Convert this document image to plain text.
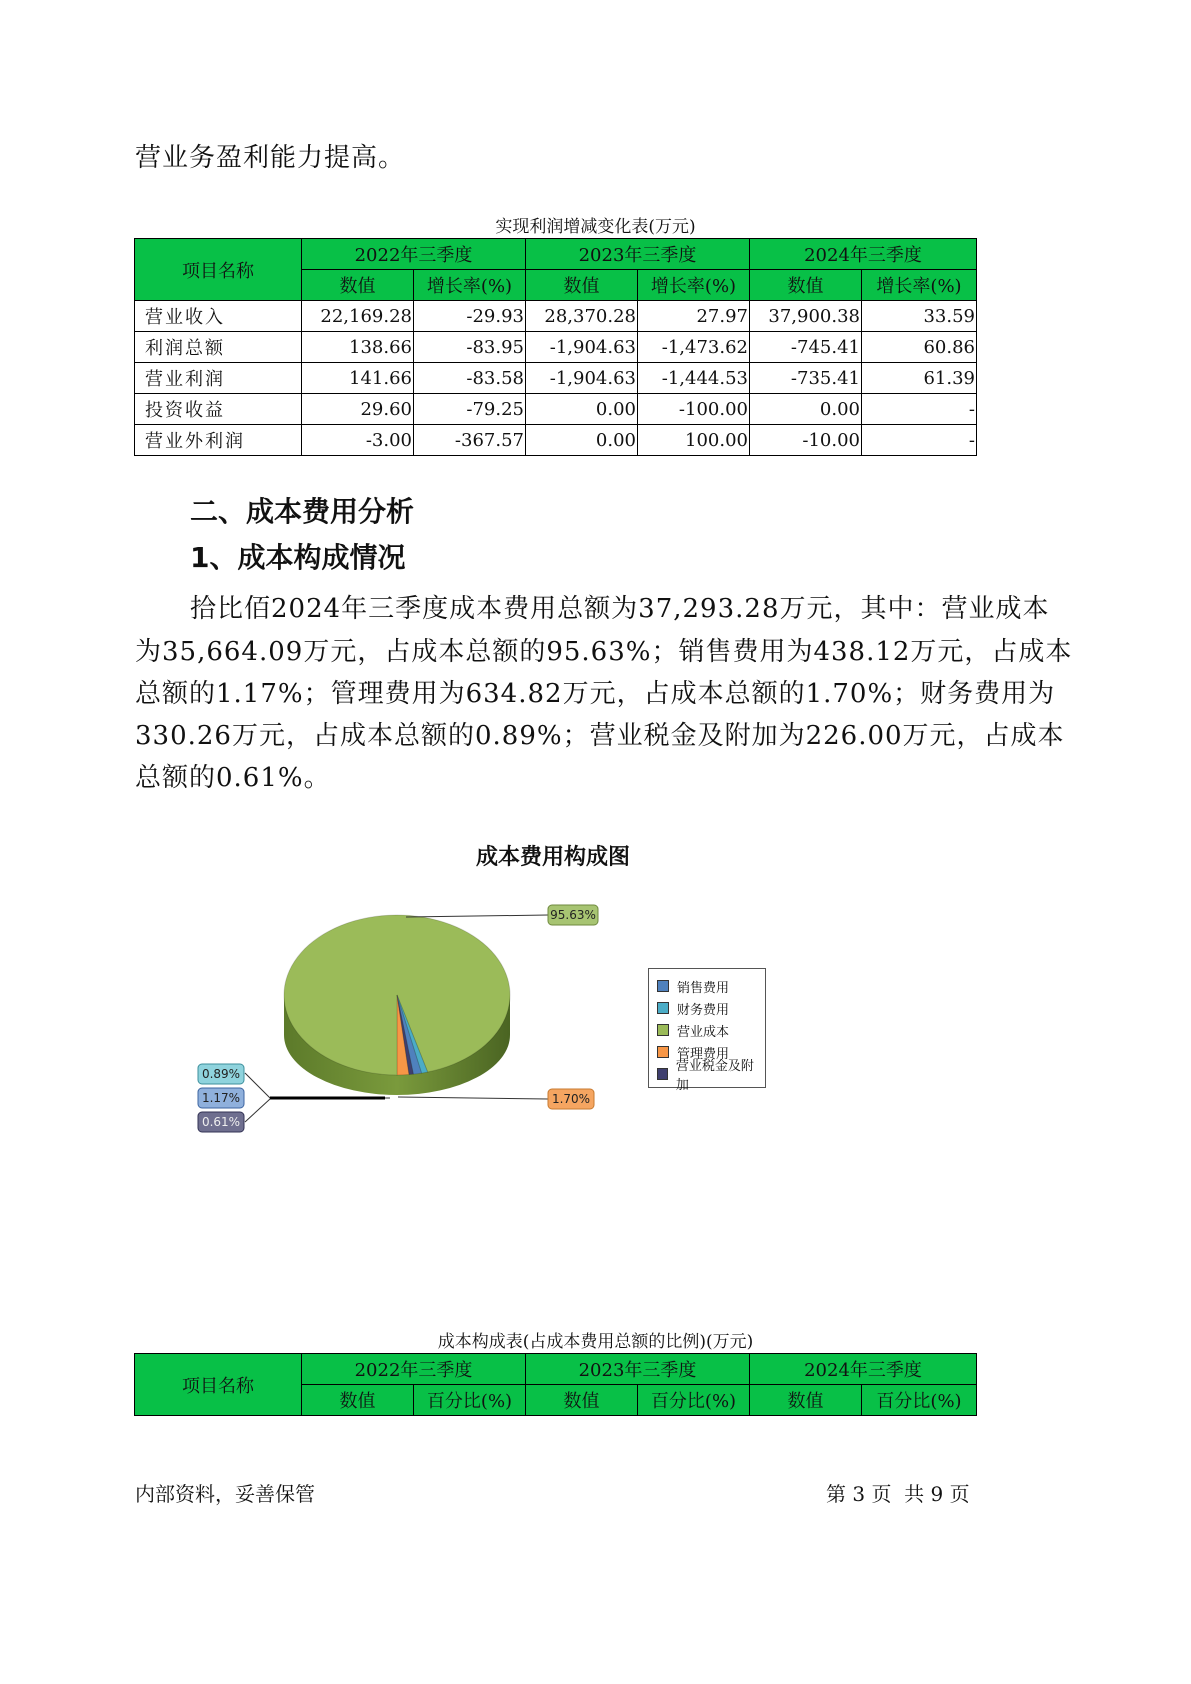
营业务盈利能力提高。
实现利润增减变化表(万元)
项目名称	2022年三季度		2023年三季度		2024年三季度	
	数值	增长率(%)	数值	增长率(%)	数值	增长率(%)
营业收入	22,169.28	-29.93	28,370.28	27.97	37,900.38	33.59
利润总额	138.66	-83.95	-1,904.63	-1,473.62	-745.41	60.86
营业利润	141.66	-83.58	-1,904.63	-1,444.53	-735.41	61.39
投资收益	29.60	-79.25	0.00	-100.00	0.00	-
营业外利润	-3.00	-367.57	0.00	100.00	-10.00	-
二、成本费用分析
1、成本构成情况
拾比佰2024年三季度成本费用总额为37,293.28万元，其中：营业成本
为35,664.09万元，占成本总额的95.63%；销售费用为438.12万元，占成本
总额的1.17%；管理费用为634.82万元，占成本总额的1.70%；财务费用为
330.26万元，占成本总额的0.89%；营业税金及附加为226.00万元，占成本
总额的0.61%。
成本费用构成图
95.63%
1.70%
0.89%
1.17%
0.61%
销售费用
财务费用
营业成本
管理费用
营业税金及附加
成本构成表(占成本费用总额的比例)(万元)
项目名称	2022年三季度		2023年三季度		2024年三季度	
	数值	百分比(%)	数值	百分比(%)	数值	百分比(%)
内部资料，妥善保管	第 3 页  共 9 页
